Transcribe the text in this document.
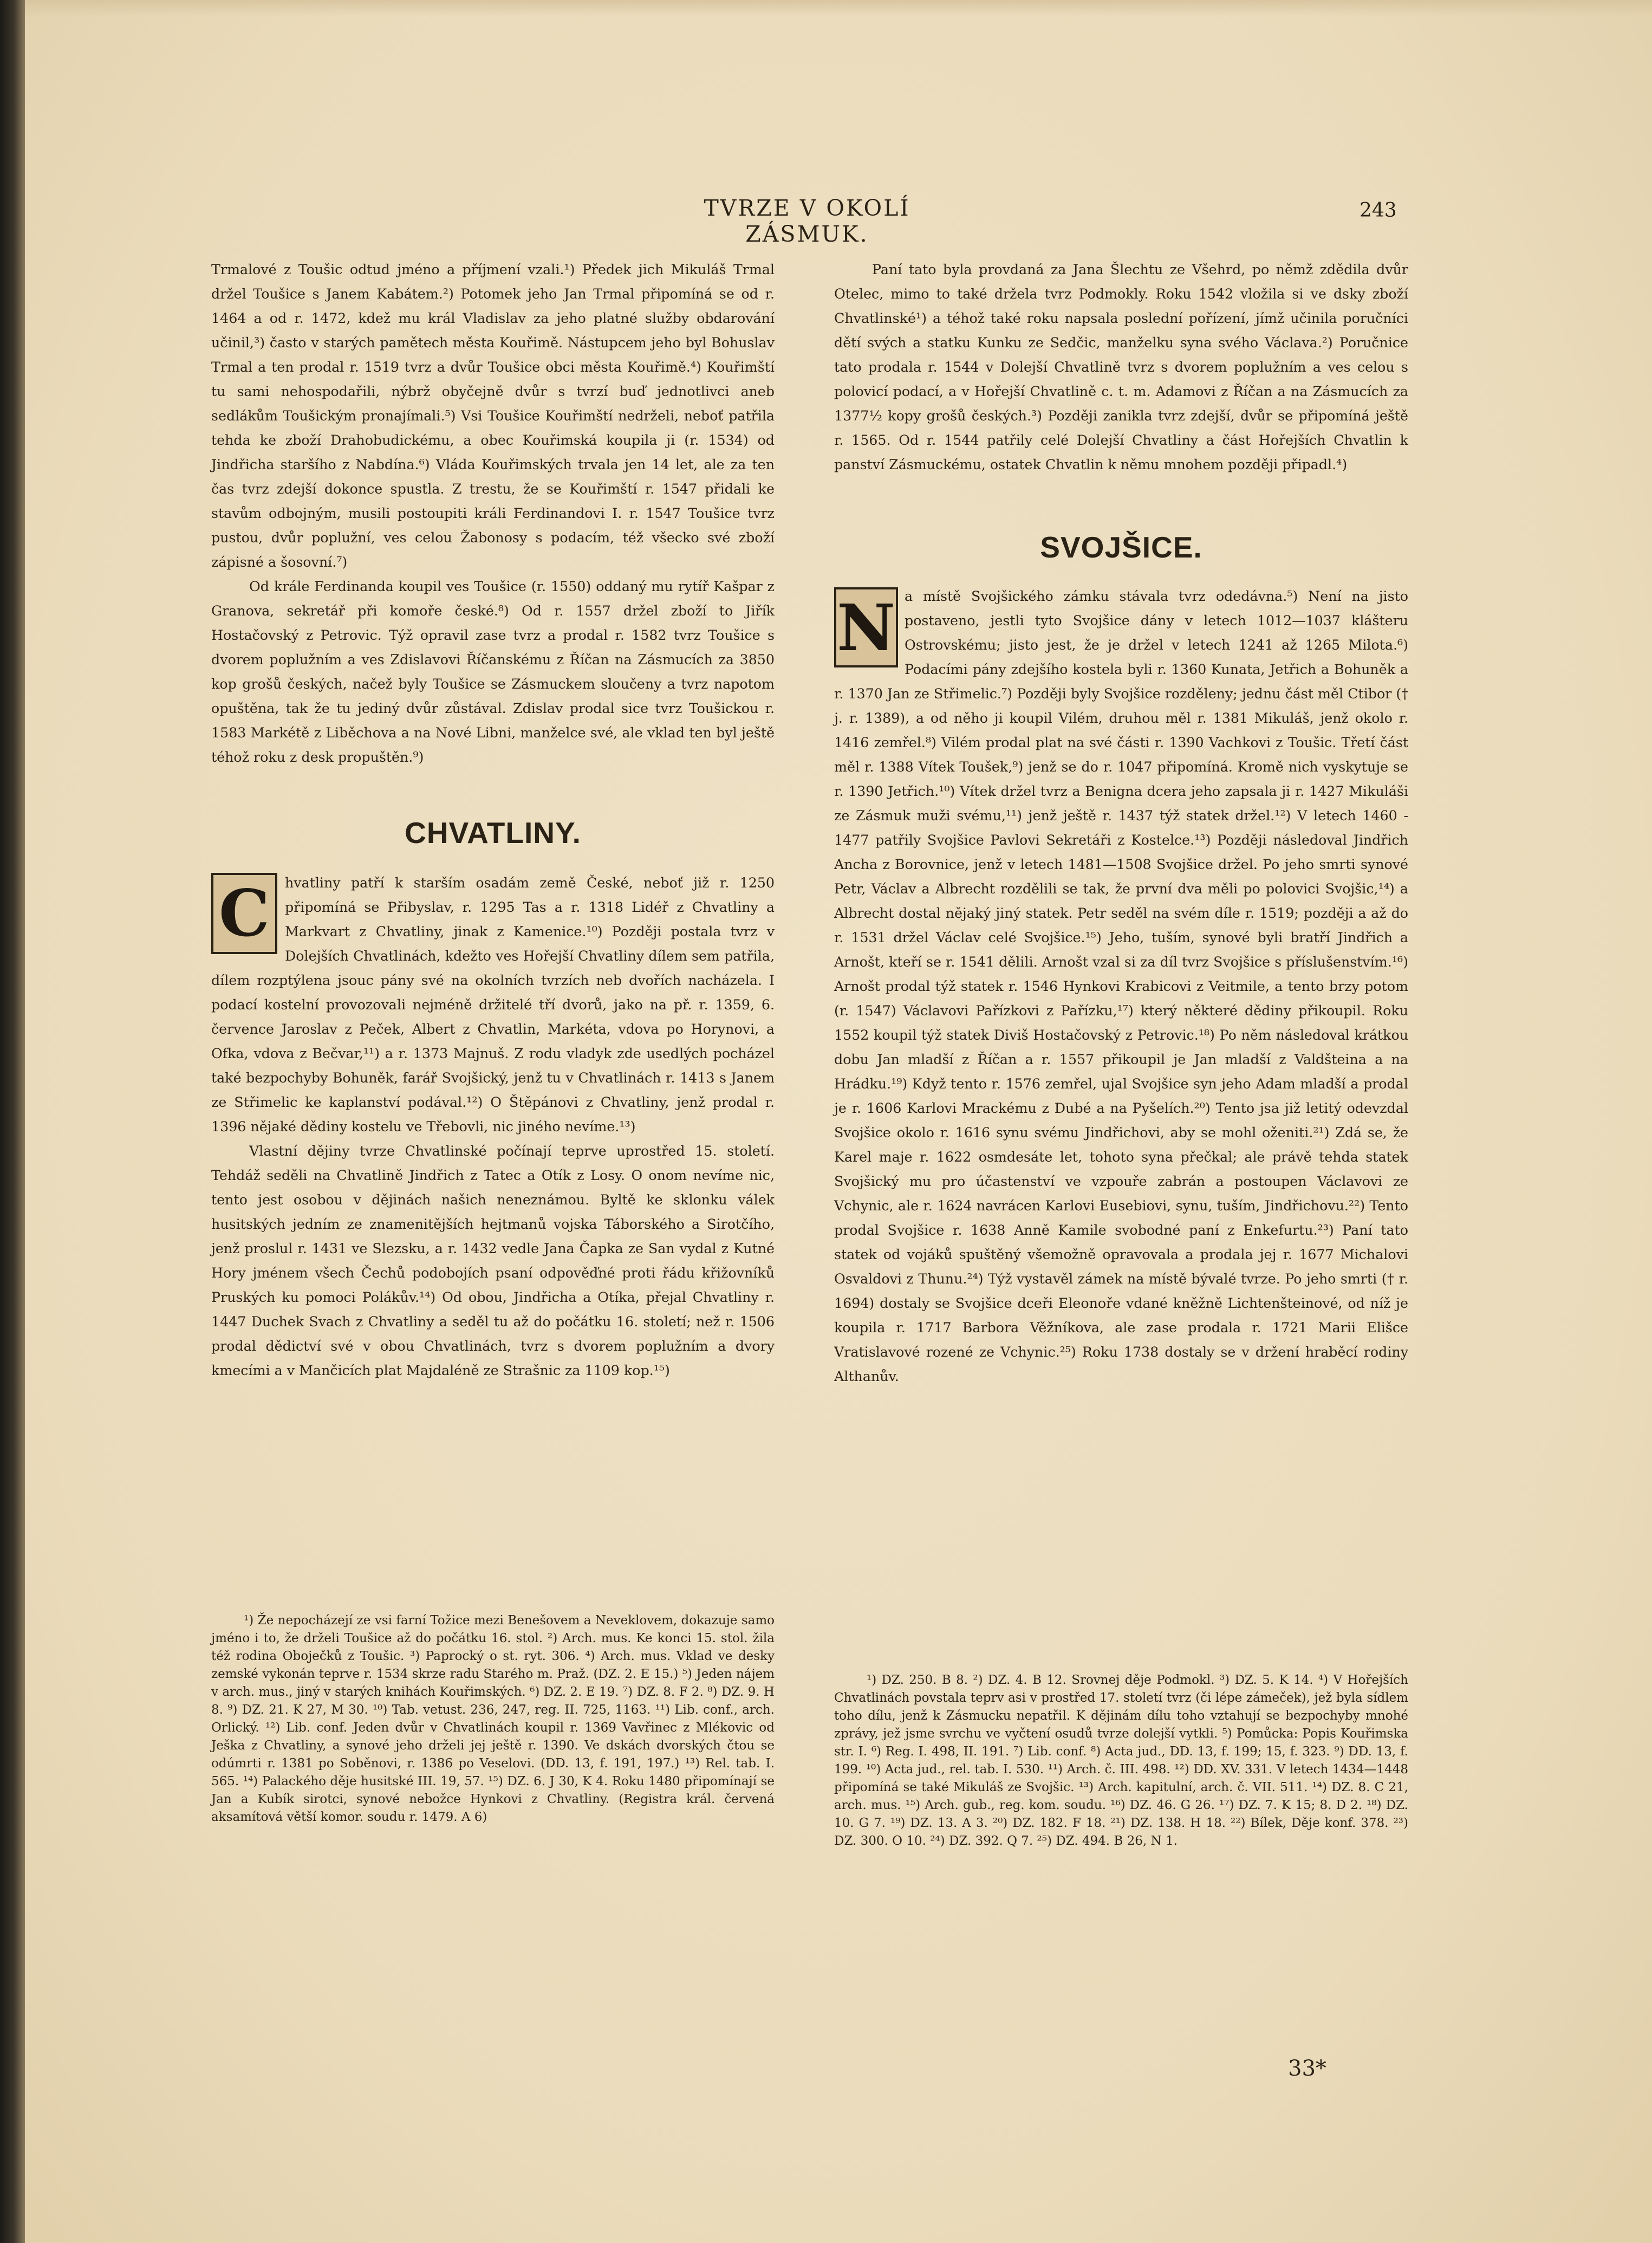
TVRZE V OKOLÍ ZÁSMUK.
243

Trmalové z Toušic odtud jméno a příjmení vzali.¹) Předek jich Mikuláš Trmal držel Toušice s Janem Kabátem.²) Potomek jeho Jan Trmal připomíná se od r. 1464 a od r. 1472, kdež mu král Vladislav za jeho platné služby obdarování učinil,³) často v starých pamětech města Kouřimě. Nástupcem jeho byl Bohuslav Trmal a ten prodal r. 1519 tvrz a dvůr Toušice obci města Kouřimě.⁴) Kouřimští tu sami nehospodařili, nýbrž obyčejně dvůr s tvrzí buď jednotlivci aneb sedlákům Toušickým pronajímali.⁵) Vsi Toušice Kouřimští nedrželi, neboť patřila tehda ke zboží Drahobudickému, a obec Kouřimská koupila ji (r. 1534) od Jindřicha staršího z Nabdína.⁶) Vláda Kouřimských trvala jen 14 let, ale za ten čas tvrz zdejší dokonce spustla. Z trestu, že se Kouřimští r. 1547 přidali ke stavům odbojným, musili postoupiti králi Ferdinandovi I. r. 1547 Toušice tvrz pustou, dvůr poplužní, ves celou Žabonosy s podacím, též všecko své zboží zápisné a šosovní.⁷)

Od krále Ferdinanda koupil ves Toušice (r. 1550) oddaný mu rytíř Kašpar z Granova, sekretář při komoře české.⁸) Od r. 1557 držel zboží to Jiřík Hostačovský z Petrovic. Týž opravil zase tvrz a prodal r. 1582 tvrz Toušice s dvorem poplužním a ves Zdislavovi Říčanskému z Říčan na Zásmucích za 3850 kop grošů českých, načež byly Toušice se Zásmuckem sloučeny a tvrz napotom opuštěna, tak že tu jediný dvůr zůstával. Zdislav prodal sice tvrz Toušickou r. 1583 Markétě z Liběchova a na Nové Libni, manželce své, ale vklad ten byl ještě téhož roku z desk propuštěn.⁹)

CHVATLINY.
C	hvatliny patří k starším osadám země České, neboť již r. 1250 připomíná se Přibyslav, r. 1295 Tas a r. 1318 Lidéř z Chvatliny a Markvart z Chvatliny, jinak z Kamenice.¹⁰) Později postala tvrz v Dolejších Chvatlinách, kdežto ves Hořejší Chvatliny dílem sem patřila, dílem rozptýlena jsouc pány své na okolních tvrzích neb dvořích nacházela. I podací kostelní provozovali nejméně držitelé tří dvorů, jako na př. r. 1359, 6. července Jaroslav z Peček, Albert z Chvatlin, Markéta, vdova po Horynovi, a Ofka, vdova z Bečvar,¹¹) a r. 1373 Majnuš. Z rodu vladyk zde usedlých pocházel také bezpochyby Bohuněk, farář Svojšický, jenž tu v Chvatlinách r. 1413 s Janem ze Střimelic ke kaplanství podával.¹²) O Štěpánovi z Chvatliny, jenž prodal r. 1396 nějaké dědiny kostelu ve Třebovli, nic jiného nevíme.¹³)

Vlastní dějiny tvrze Chvatlinské počínají teprve uprostřed 15. století. Tehdáž seděli na Chvatlině Jindřich z Tatec a Otík z Losy. O onom nevíme nic, tento jest osobou v dějinách našich neneznámou. Byltě ke sklonku válek husitských jedním ze znamenitějších hejtmanů vojska Táborského a Sirotčího, jenž proslul r. 1431 ve Slezsku, a r. 1432 vedle Jana Čapka ze San vydal z Kutné Hory jménem všech Čechů podobojích psaní odpověďné proti řádu křižovníků Pruských ku pomoci Polákův.¹⁴) Od obou, Jindřicha a Otíka, přejal Chvatliny r. 1447 Duchek Svach z Chvatliny a seděl tu až do počátku 16. století; než r. 1506 prodal dědictví své v obou Chvatlinách, tvrz s dvorem poplužním a dvory kmecími a v Mančicích plat Majdaléně ze Strašnic za 1109 kop.¹⁵)

¹) Že nepocházejí ze vsi farní Tožice mezi Benešovem a Neveklovem, dokazuje samo jméno i to, že drželi Toušice až do počátku 16. stol. ²) Arch. mus. Ke konci 15. stol. žila též rodina Oboječků z Toušic. ³) Paprocký o st. ryt. 306. ⁴) Arch. mus. Vklad ve desky zemské vykonán teprve r. 1534 skrze radu Starého m. Praž. (DZ. 2. E 15.) ⁵) Jeden nájem v arch. mus., jiný v starých knihách Kouřimských. ⁶) DZ. 2. E 19. ⁷) DZ. 8. F 2. ⁸) DZ. 9. H 8. ⁹) DZ. 21. K 27, M 30. ¹⁰) Tab. vetust. 236, 247, reg. II. 725, 1163. ¹¹) Lib. conf., arch. Orlický. ¹²) Lib. conf. Jeden dvůr v Chvatlinách koupil r. 1369 Vavřinec z Mlékovic od Ješka z Chvatliny, a synové jeho drželi jej ještě r. 1390. Ve dskách dvorských čtou se odúmrti r. 1381 po Soběnovi, r. 1386 po Veselovi. (DD. 13, f. 191, 197.) ¹³) Rel. tab. I. 565. ¹⁴) Palackého děje husitské III. 19, 57. ¹⁵) DZ. 6. J 30, K 4. Roku 1480 připomínají se Jan a Kubík sirotci, synové nebožce Hynkovi z Chvatliny. (Registra král. červená aksamítová větší komor. soudu r. 1479. A 6)

Paní tato byla provdaná za Jana Šlechtu ze Všehrd, po němž zdědila dvůr Otelec, mimo to také držela tvrz Podmokly. Roku 1542 vložila si ve dsky zboží Chvatlinské¹) a téhož také roku napsala poslední pořízení, jímž učinila poručníci dětí svých a statku Kunku ze Sedčic, manželku syna svého Václava.²) Poručnice tato prodala r. 1544 v Dolejší Chvatlině tvrz s dvorem poplužním a ves celou s polovicí podací, a v Hořejší Chvatlině c. t. m. Adamovi z Říčan a na Zásmucích za 1377½ kopy grošů českých.³) Později zanikla tvrz zdejší, dvůr se připomíná ještě r. 1565. Od r. 1544 patřily celé Dolejší Chvatliny a část Hořejších Chvatlin k panství Zásmuckému, ostatek Chvatlin k němu mnohem později připadl.⁴)

SVOJŠICE.
N a místě Svojšického zámku stávala tvrz odedávna.⁵) Není na jisto postaveno, jestli tyto Svojšice dány v letech 1012—1037 klášteru Ostrovskému; jisto jest, že je držel v letech 1241 až 1265 Milota.⁶) Podacími pány zdejšího kostela byli r. 1360 Kunata, Jetřich a Bohuněk a r. 1370 Jan ze Střimelic.⁷) Později byly Svojšice rozděleny; jednu část měl Ctibor († j. r. 1389), a od něho ji koupil Vilém, druhou měl r. 1381 Mikuláš, jenž okolo r. 1416 zemřel.⁸) Vilém prodal plat na své části r. 1390 Vachkovi z Toušic. Třetí část měl r. 1388 Vítek Toušek,⁹) jenž se do r. 1047 připomíná. Kromě nich vyskytuje se r. 1390 Jetřich.¹⁰) Vítek držel tvrz a Benigna dcera jeho zapsala ji r. 1427 Mikuláši ze Zásmuk muži svému,¹¹) jenž ještě r. 1437 týž statek držel.¹²) V letech 1460 - 1477 patřily Svojšice Pavlovi Sekretáři z Kostelce.¹³) Později následoval Jindřich Ancha z Borovnice, jenž v letech 1481—1508 Svojšice držel. Po jeho smrti synové Petr, Václav a Albrecht rozdělili se tak, že první dva měli po polovici Svojšic,¹⁴) a Albrecht dostal nějaký jiný statek. Petr seděl na svém díle r. 1519; později a až do r. 1531 držel Václav celé Svojšice.¹⁵) Jeho, tuším, synové byli bratří Jindřich a Arnošt, kteří se r. 1541 dělili. Arnošt vzal si za díl tvrz Svojšice s příslušenstvím.¹⁶) Arnošt prodal týž statek r. 1546 Hynkovi Krabicovi z Veitmile, a tento brzy potom (r. 1547) Václavovi Pařízkovi z Pařízku,¹⁷) který některé dědiny přikoupil. Roku 1552 koupil týž statek Diviš Hostačovský z Petrovic.¹⁸) Po něm následoval krátkou dobu Jan mladší z Říčan a r. 1557 přikoupil je Jan mladší z Valdšteina a na Hrádku.¹⁹) Když tento r. 1576 zemřel, ujal Svojšice syn jeho Adam mladší a prodal je r. 1606 Karlovi Mrackému z Dubé a na Pyšelích.²⁰) Tento jsa již letitý odevzdal Svojšice okolo r. 1616 synu svému Jindřichovi, aby se mohl oženiti.²¹) Zdá se, že Karel maje r. 1622 osmdesáte let, tohoto syna přečkal; ale právě tehda statek Svojšický mu pro účastenství ve vzpouře zabrán a postoupen Václavovi ze Vchynic, ale r. 1624 navrácen Karlovi Eusebiovi, synu, tuším, Jindřichovu.²²) Tento prodal Svojšice r. 1638 Anně Kamile svobodné paní z Enkefurtu.²³) Paní tato statek od vojáků spuštěný všemožně opravovala a prodala jej r. 1677 Michalovi Osvaldovi z Thunu.²⁴) Týž vystavěl zámek na místě bývalé tvrze. Po jeho smrti († r. 1694) dostaly se Svojšice dceři Eleonoře vdané kněžně Lichtenšteinové, od níž je koupila r. 1717 Barbora Věžníkova, ale zase prodala r. 1721 Marii Elišce Vratislavové rozené ze Vchynic.²⁵) Roku 1738 dostaly se v držení hraběcí rodiny Althanův.

¹) DZ. 250. B 8. ²) DZ. 4. B 12. Srovnej děje Podmokl. ³) DZ. 5. K 14. ⁴) V Hořejších Chvatlinách povstala teprv asi v prostřed 17. století tvrz (či lépe zámeček), jež byla sídlem toho dílu, jenž k Zásmucku nepatřil. K dějinám dílu toho vztahují se bezpochyby mnohé zprávy, jež jsme svrchu ve vyčtení osudů tvrze dolejší vytkli. ⁵) Pomůcka: Popis Kouřimska str. I. ⁶) Reg. I. 498, II. 191. ⁷) Lib. conf. ⁸) Acta jud., DD. 13, f. 199; 15, f. 323. ⁹) DD. 13, f. 199. ¹⁰) Acta jud., rel. tab. I. 530. ¹¹) Arch. č. III. 498. ¹²) DD. XV. 331. V letech 1434—1448 připomíná se také Mikuláš ze Svojšic. ¹³) Arch. kapitulní, arch. č. VII. 511. ¹⁴) DZ. 8. C 21, arch. mus. ¹⁵) Arch. gub., reg. kom. soudu. ¹⁶) DZ. 46. G 26. ¹⁷) DZ. 7. K 15; 8. D 2. ¹⁸) DZ. 10. G 7. ¹⁹) DZ. 13. A 3. ²⁰) DZ. 182. F 18. ²¹) DZ. 138. H 18. ²²) Bílek, Děje konf. 378. ²³) DZ. 300. O 10. ²⁴) DZ. 392. Q 7. ²⁵) DZ. 494. B 26, N 1.

33*
